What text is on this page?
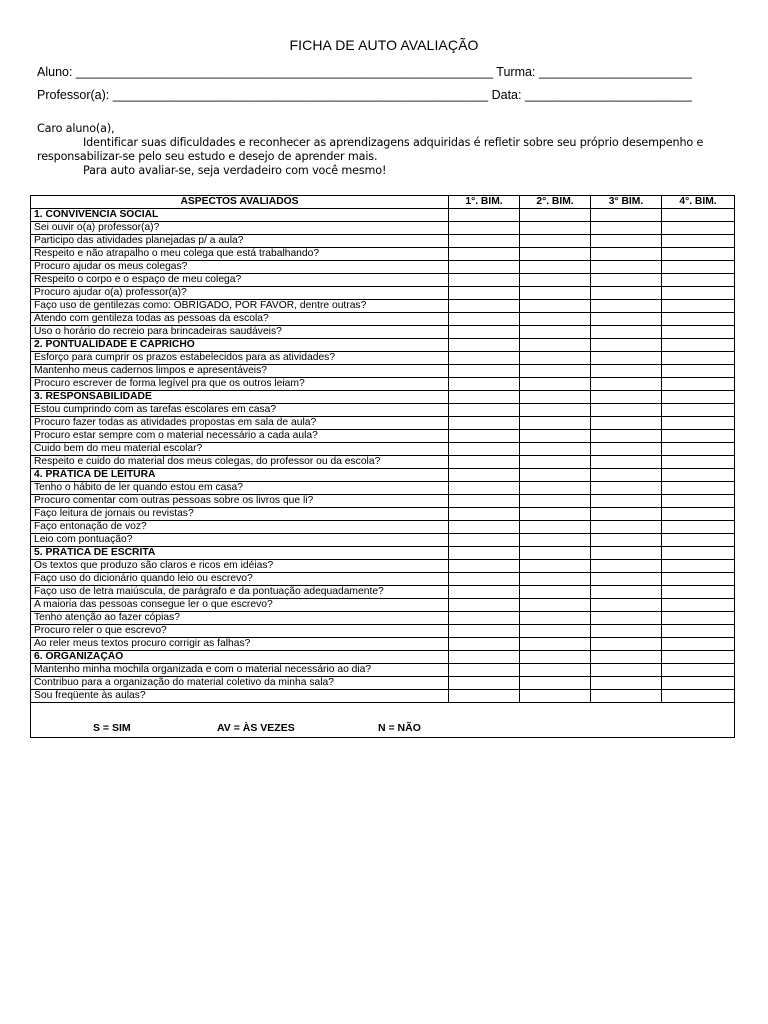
FICHA DE AUTO AVALIAÇÃO
Aluno: ____________________________________________________________ Turma: ______________________
Professor(a): ______________________________________________________ Data: ________________________

Caro aluno(a),

Identificar suas dificuldades e reconhecer as aprendizagens adquiridas é refletir sobre seu próprio desempenho e

responsabilizar-se pelo seu estudo e desejo de aprender mais.

Para auto avaliar-se, seja verdadeiro com você mesmo!

ASPECTOS AVALIADOS	1°. BIM.	2°. BIM.	3° BIM.	4°. BIM.
1. CONVIVÊNCIA SOCIAL				
Sei ouvir o(a) professor(a)?				
Participo das atividades planejadas p/ a aula?				
Respeito e não atrapalho o meu colega que está trabalhando?				
Procuro ajudar os meus colegas?				
Respeito o corpo e o espaço de meu colega?				
Procuro ajudar o(a) professor(a)?				
Faço uso de gentilezas como: OBRIGADO, POR FAVOR, dentre outras?				
Atendo com gentileza todas as pessoas da escola?				
Uso o horário do recreio para brincadeiras saudáveis?				
2. PONTUALIDADE E CAPRICHO				
Esforço para cumprir os prazos estabelecidos para as atividades?				
Mantenho meus cadernos limpos e apresentáveis?				
Procuro escrever de forma legível pra que os outros leiam?				
3. RESPONSABILIDADE				
Estou cumprindo com as tarefas escolares em casa?				
Procuro fazer todas as atividades propostas em sala de aula?				
Procuro estar sempre com o material necessário a cada aula?				
Cuido bem do meu material escolar?				
Respeito e cuido do material dos meus colegas, do professor ou da escola?				
4. PRÁTICA DE LEITURA				
Tenho o hábito de ler quando estou em casa?				
Procuro comentar com outras pessoas sobre os livros que li?				
Faço leitura de jornais ou revistas?				
Faço entonação de voz?				
Leio com pontuação?				
5. PRÁTICA DE ESCRITA				
Os textos que produzo são claros e ricos em idéias?				
Faço uso do dicionário quando leio ou escrevo?				
Faço uso de letra maiúscula, de parágrafo e da pontuação adequadamente?				
A maioria das pessoas consegue ler o que escrevo?				
Tenho atenção ao fazer cópias?				
Procuro reler o que escrevo?				
Ao reler meus textos procuro corrigir as falhas?				
6. ORGANIZAÇÃO				
Mantenho minha mochila organizada e com o material necessário ao dia?				
Contribuo para a organização do material coletivo da minha sala?				
Sou freqüente às aulas?				

S = SIM AV = ÀS VEZES N = NÃO				
